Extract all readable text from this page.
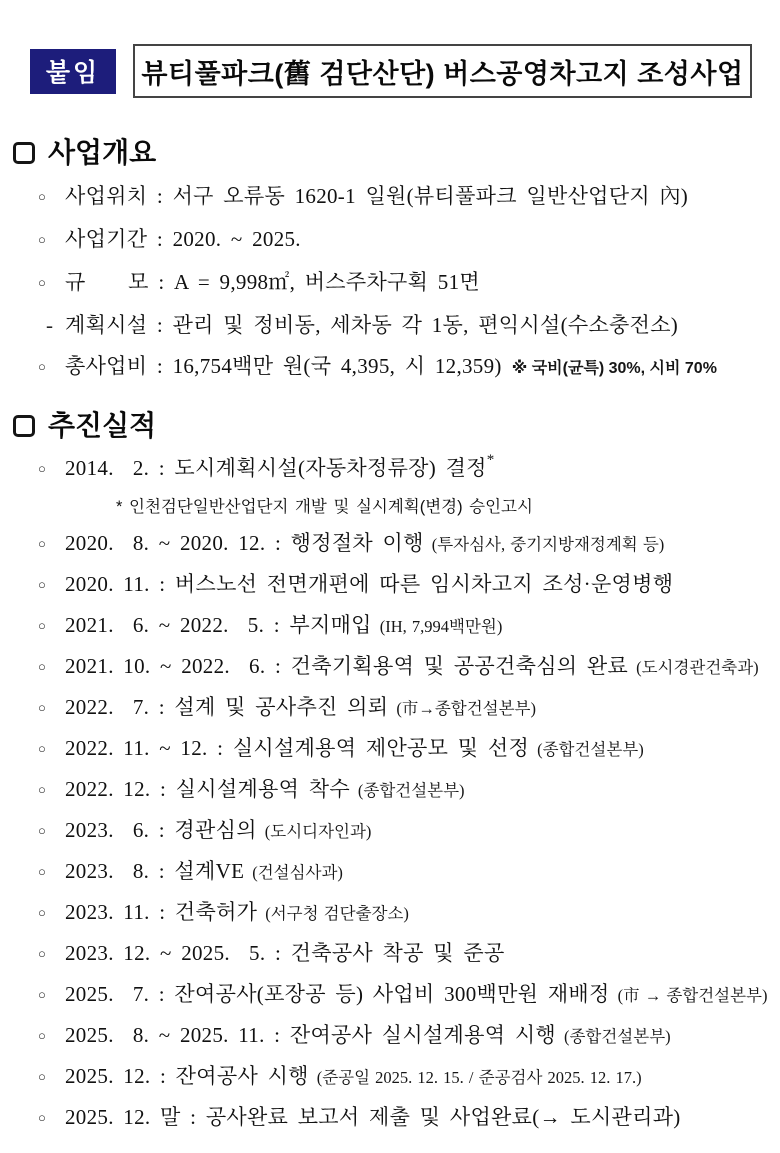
붙임 뷰티풀파크(舊 검단산단) 버스공영차고지 조성사업
사업개요
○ 사업위치 : 서구 오류동 1620-1 일원(뷰티풀파크 일반산업단지 內)
○ 사업기간 : 2020. ~ 2025.
○ 규　　모 : A = 9,998㎡, 버스주차구획 51면
- 계획시설 : 관리 및 정비동, 세차동 각 1동, 편익시설(수소충전소)
○ 총사업비 : 16,754백만 원(국 4,395, 시 12,359) ※ 국비(균특) 30%, 시비 70%
추진실적
○ 2014.  2. : 도시계획시설(자동차정류장) 결정*
* 인천검단일반산업단지 개발 및 실시계획(변경) 승인고시
○ 2020.  8. ~ 2020. 12. : 행정절차 이행 (투자심사, 중기지방재정계획 등)
○ 2020. 11. : 버스노선 전면개편에 따른 임시차고지 조성·운영병행
○ 2021.  6. ~ 2022.  5. : 부지매입 (IH, 7,994백만원)
○ 2021. 10. ~ 2022.  6. : 건축기획용역 및 공공건축심의 완료 (도시경관건축과)
○ 2022.  7. : 설계 및 공사추진 의뢰 (市→종합건설본부)
○ 2022. 11. ~ 12. : 실시설계용역 제안공모 및 선정 (종합건설본부)
○ 2022. 12. : 실시설계용역 착수 (종합건설본부)
○ 2023.  6. : 경관심의 (도시디자인과)
○ 2023.  8. : 설계VE (건설심사과)
○ 2023. 11. : 건축허가 (서구청 검단출장소)
○ 2023. 12. ~ 2025.  5. : 건축공사 착공 및 준공
○ 2025.  7. : 잔여공사(포장공 등) 사업비 300백만원 재배정 (市 → 종합건설본부)
○ 2025.  8. ~ 2025. 11. : 잔여공사 실시설계용역 시행 (종합건설본부)
○ 2025. 12. : 잔여공사 시행 (준공일 2025. 12. 15. / 준공검사 2025. 12. 17.)
○ 2025. 12. 말 : 공사완료 보고서 제출 및 사업완료(→ 도시관리과)
